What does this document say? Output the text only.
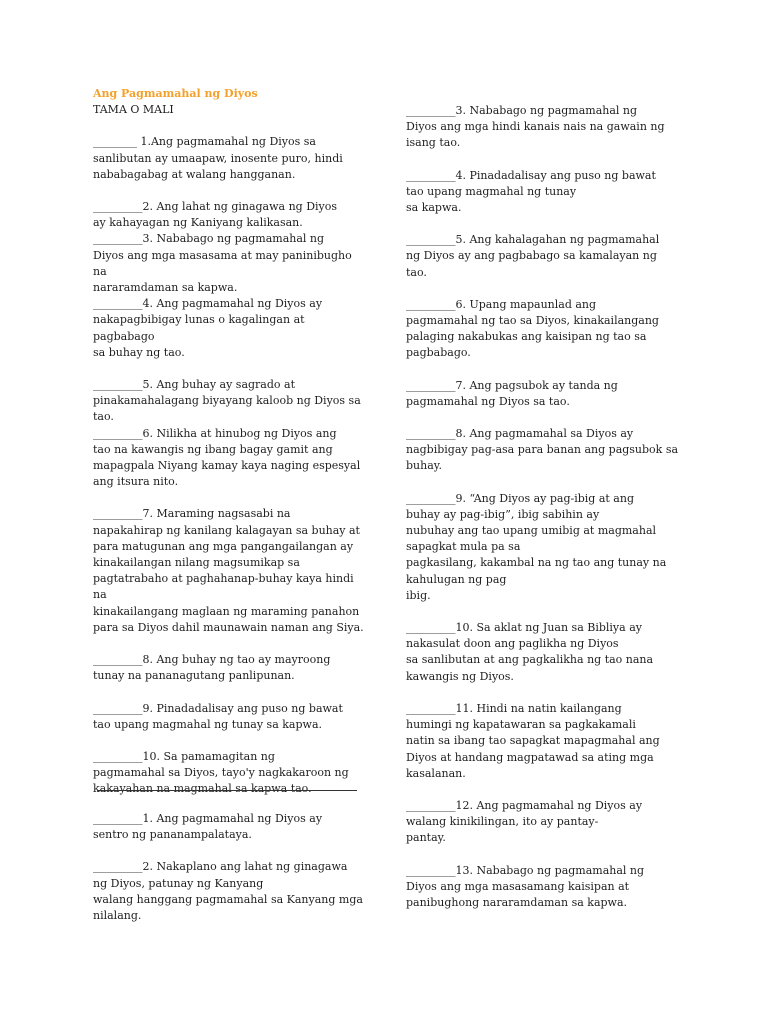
Ang Pagmamahal ng Diyos

TAMA O MALI

________ 1.Ang pagmamahal ng Diyos sa
sanlibutan ay umaapaw, inosente puro, hindi
nababagabag at walang hangganan.
_________2. Ang lahat ng ginagawa ng Diyos
ay kahayagan ng Kaniyang kalikasan.
_________3. Nababago ng pagmamahal ng
Diyos ang mga masasama at may paninibugho na
nararamdaman sa kapwa.
_________4. Ang pagmamahal ng Diyos ay
nakapagbibigay lunas o kagalingan at pagbabago
sa buhay ng tao.
_________5. Ang buhay ay sagrado at
pinakamahalagang biyayang kaloob ng Diyos sa
tao.
_________6. Nilikha at hinubog ng Diyos ang
tao na kawangis ng ibang bagay gamit ang
mapagpala Niyang kamay kaya naging espesyal
ang itsura nito.
_________7. Maraming nagsasabi na
napakahirap ng kanilang kalagayan sa buhay at
para matugunan ang mga pangangailangan ay
kinakailangan nilang magsumikap sa
pagtatrabaho at paghahanap-buhay kaya hindi na
kinakailangang maglaan ng maraming panahon
para sa Diyos dahil maunawain naman ang Siya.
_________8. Ang buhay ng tao ay mayroong
tunay na pananagutang panlipunan.
_________9. Pinadadalisay ang puso ng bawat
tao upang magmahal ng tunay sa kapwa.
_________10. Sa pamamagitan ng
pagmamahal sa Diyos, tayo'y nagkakaroon ng
kakayahan na magmahal sa kapwa tao.
_________1. Ang pagmamahal ng Diyos ay
sentro ng pananampalataya.
_________2. Nakaplano ang lahat ng ginagawa
ng Diyos, patunay ng Kanyang
walang hanggang pagmamahal sa Kanyang mga
nilalang.
_________3. Nababago ng pagmamahal ng
Diyos ang mga hindi kanais nais na gawain ng
isang tao.
_________4. Pinadadalisay ang puso ng bawat
tao upang magmahal ng tunay
sa kapwa.
_________5. Ang kahalagahan ng pagmamahal
ng Diyos ay ang pagbabago sa kamalayan ng tao.
_________6. Upang mapaunlad ang
pagmamahal ng tao sa Diyos, kinakailangang
palaging nakabukas ang kaisipan ng tao sa
pagbabago.
_________7. Ang pagsubok ay tanda ng
pagmamahal ng Diyos sa tao.
_________8. Ang pagmamahal sa Diyos ay
nagbibigay pag-asa para banan ang pagsubok sa
buhay.
_________9. “Ang Diyos ay pag-ibig at ang
buhay ay pag-ibig”, ibig sabihin ay
nubuhay ang tao upang umibig at magmahal
sapagkat mula pa sa
pagkasilang, kakambal na ng tao ang tunay na
kahulugan ng pag
ibig.
_________10. Sa aklat ng Juan sa Bibliya ay
nakasulat doon ang paglikha ng Diyos
sa sanlibutan at ang pagkalikha ng tao nana
kawangis ng Diyos.
_________11. Hindi na natin kailangang
humingi ng kapatawaran sa pagkakamali
natin sa ibang tao sapagkat mapagmahal ang
Diyos at handang magpatawad sa ating mga
kasalanan.
_________12. Ang pagmamahal ng Diyos ay
walang kinikilingan, ito ay pantay-
pantay.
_________13. Nababago ng pagmamahal ng
Diyos ang mga masasamang kaisipan at
panibughong nararamdaman sa kapwa.
